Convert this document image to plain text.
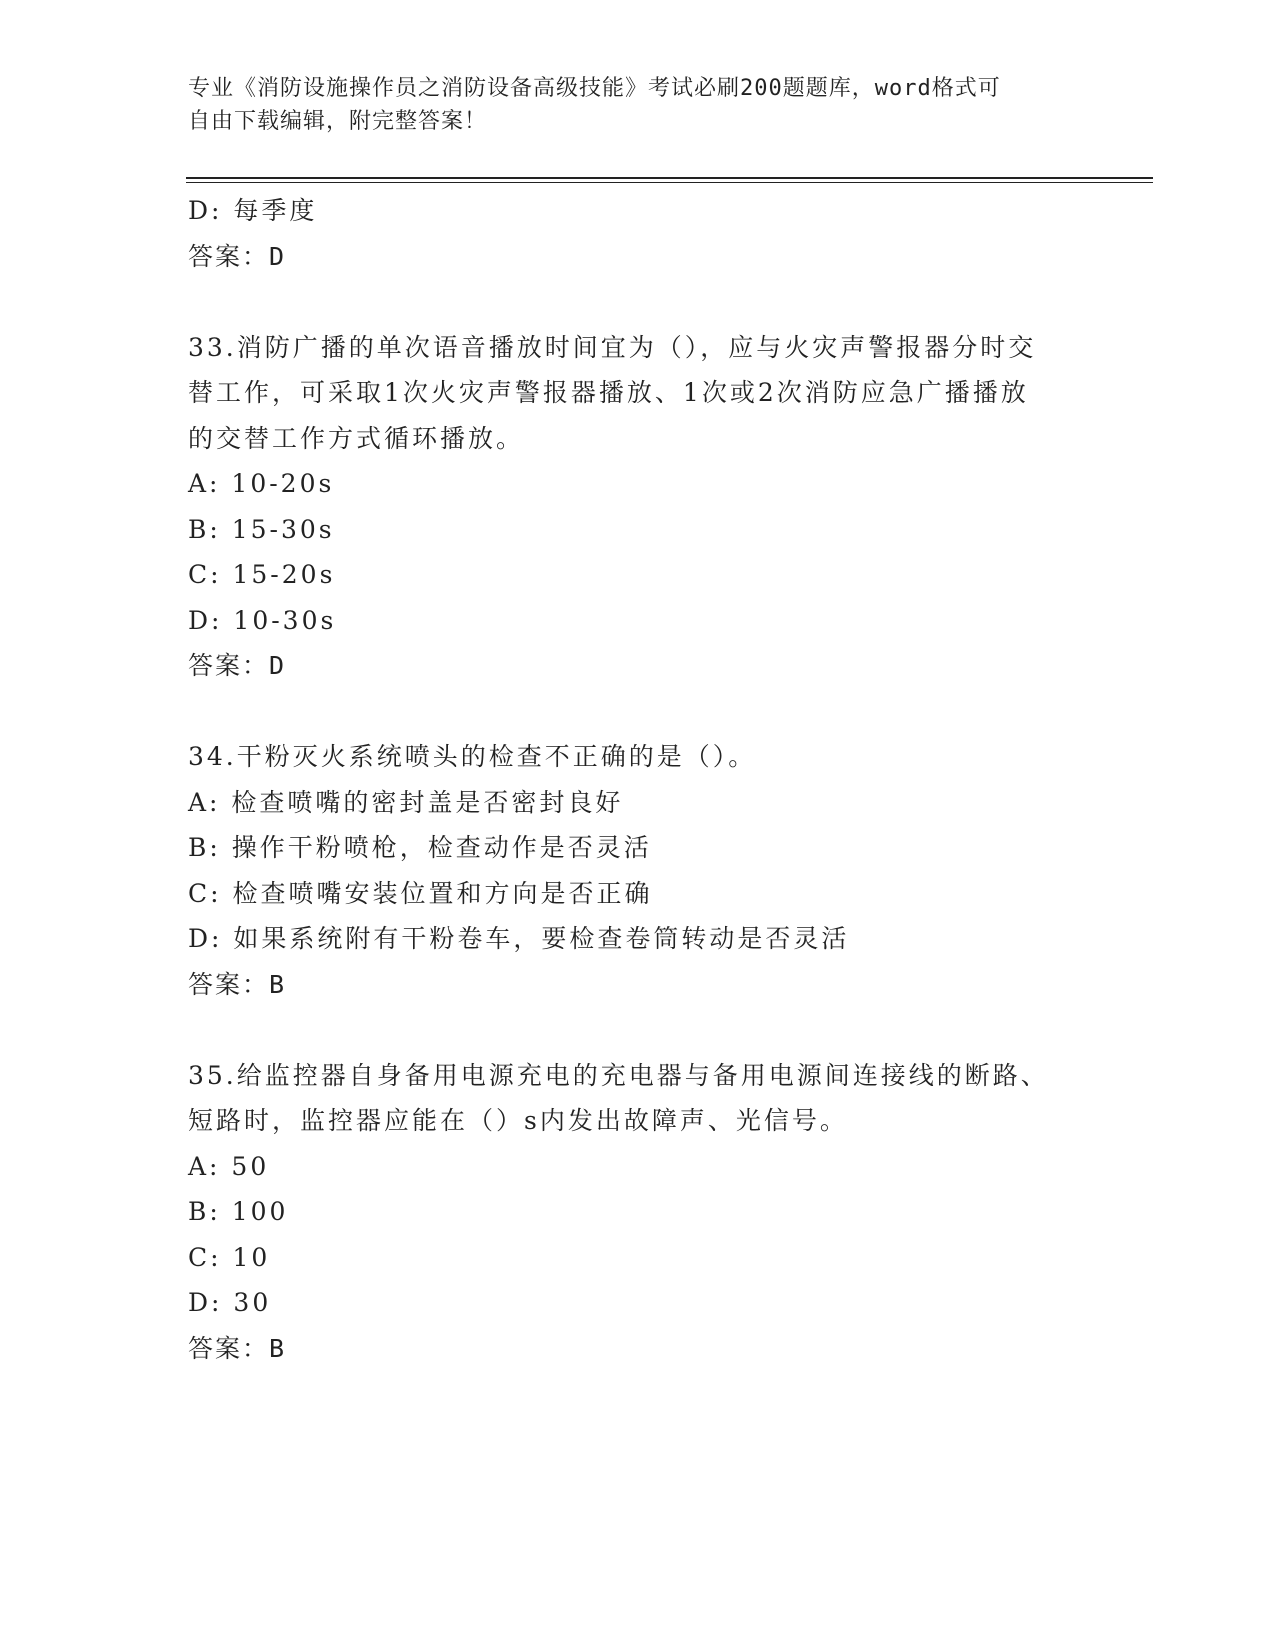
专业《消防设施操作员之消防设备高级技能》考试必刷200题题库，word格式可
自由下载编辑，附完整答案！
D: 每季度
答案：D
33.消防广播的单次语音播放时间宜为（），应与火灾声警报器分时交
替工作，可采取1次火灾声警报器播放、1次或2次消防应急广播播放
的交替工作方式循环播放。
A: 10-20s
B: 15-30s
C: 15-20s
D: 10-30s
答案：D
34.干粉灭火系统喷头的检查不正确的是（）。
A: 检查喷嘴的密封盖是否密封良好
B: 操作干粉喷枪，检查动作是否灵活
C: 检查喷嘴安装位置和方向是否正确
D: 如果系统附有干粉卷车，要检查卷筒转动是否灵活
答案：B
35.给监控器自身备用电源充电的充电器与备用电源间连接线的断路、
短路时，监控器应能在（）s内发出故障声、光信号。
A: 50
B: 100
C: 10
D: 30
答案：B
